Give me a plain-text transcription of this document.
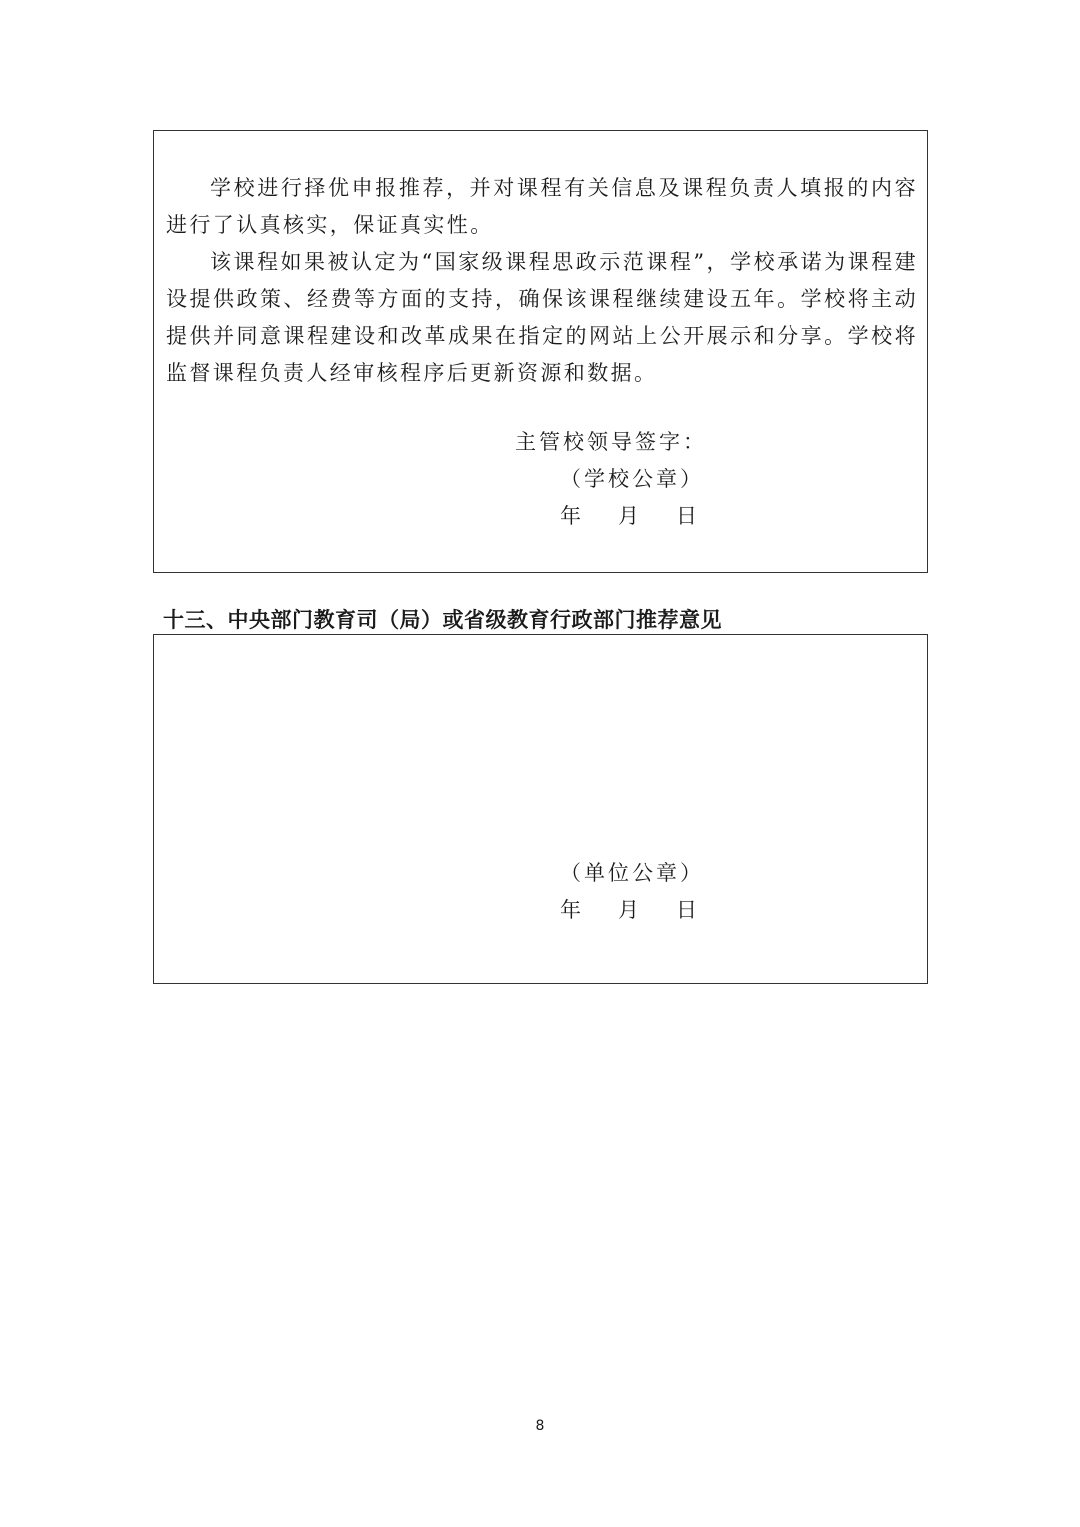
学校进行择优申报推荐，并对课程有关信息及课程负责人填报的内容进行了认真核实，保证真实性。

该课程如果被认定为“国家级课程思政示范课程”，学校承诺为课程建设提供政策、经费等方面的支持，确保该课程继续建设五年。学校将主动提供并同意课程建设和改革成果在指定的网站上公开展示和分享。学校将监督课程负责人经审核程序后更新资源和数据。

主管校领导签字：

（学校公章）

年 月 日

十三、中央部门教育司（局）或省级教育行政部门推荐意见

（单位公章）

年 月 日

8
